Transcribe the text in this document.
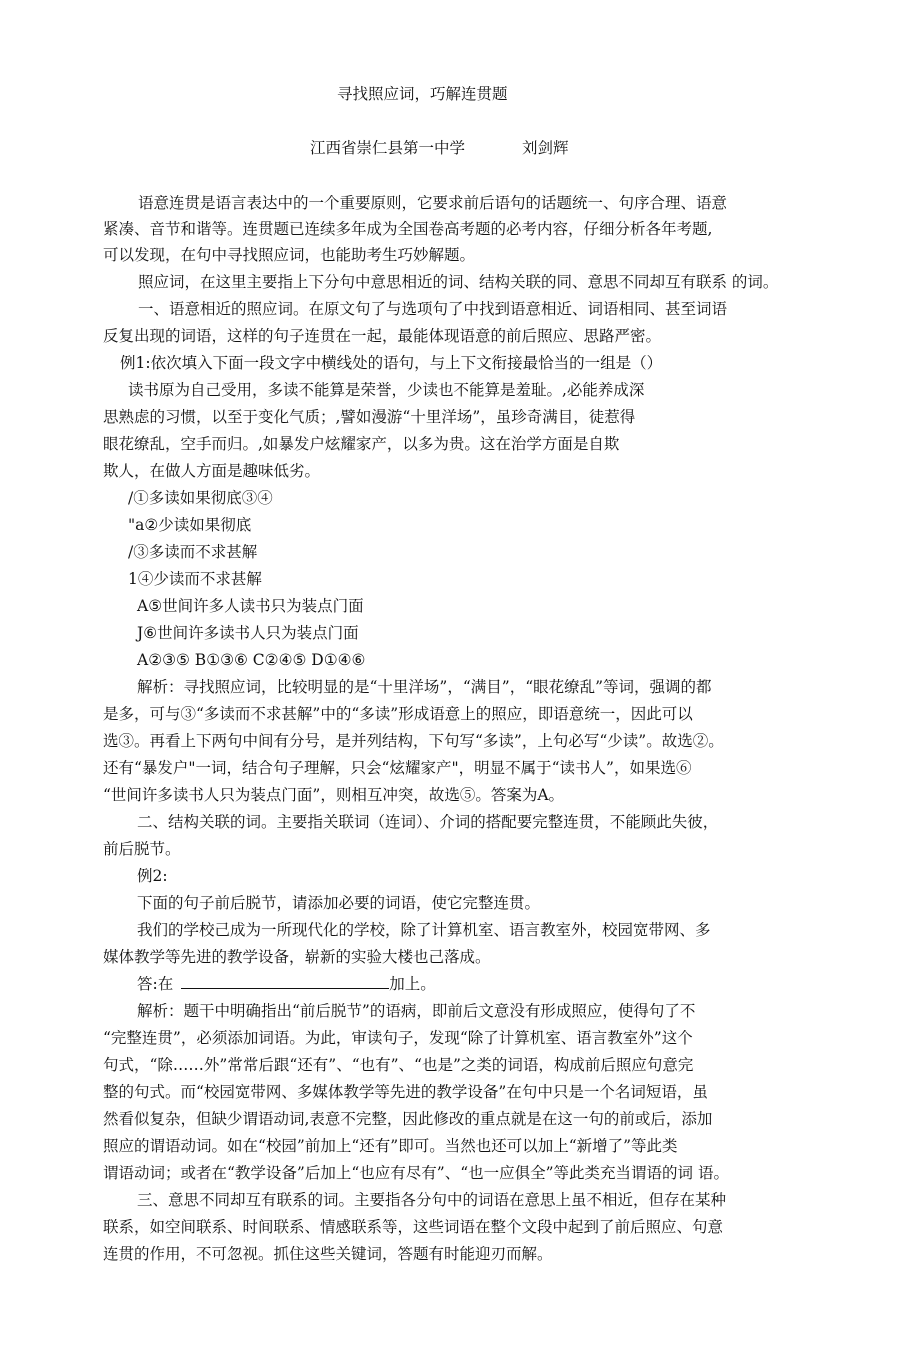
寻找照应词，巧解连贯题
江西省崇仁县第一中学	刘剑辉
语意连贯是语言表达中的一个重要原则，它要求前后语句的话题统一、句序合理、语意
紧凑、音节和谐等。连贯题已连续多年成为全国卷高考题的必考内容，仔细分析各年考题,
可以发现，在句中寻找照应词，也能助考生巧妙解题。
照应词，在这里主要指上下分句中意思相近的词、结构关联的同、意思不同却互有联系 的词。
一、语意相近的照应词。在原文句了与选项句了中找到语意相近、词语相同、甚至词语
反复出现的词语，这样的句子连贯在一起，最能体现语意的前后照应、思路严密。
例1:依次填入下面一段文字中横线处的语句，与上下文衔接最恰当的一组是（）
读书原为自己受用，多读不能算是荣誉，少读也不能算是羞耻。,必能养成深
思熟虑的习惯，以至于变化气质；,譬如漫游“十里洋场”，虽珍奇满目，徒惹得
眼花缭乱，空手而归。,如暴发户炫耀家产，以多为贵。这在治学方面是自欺
欺人，在做人方面是趣味低劣。
/①多读如果彻底③④
"a②少读如果彻底
/③多读而不求甚解
1④少读而不求甚解
A⑤世间许多人读书只为装点门面
J⑥世间许多读书人只为装点门面
A②③⑤ B①③⑥ C②④⑤ D①④⑥
解析：寻找照应词，比较明显的是“十里洋场”，“满目”，“眼花缭乱”等词，强调的都
是多，可与③“多读而不求甚解”中的“多读”形成语意上的照应，即语意统一，因此可以
选③。再看上下两句中间有分号，是并列结构，下句写“多读”，上句必写“少读”。故选②。
还有“暴发户"一词，结合句子理解，只会“炫耀家产"，明显不属于“读书人”，如果选⑥
“世间许多读书人只为装点门面”，则相互冲突，故选⑤。答案为A。
二、结构关联的词。主要指关联词（连词）、介词的搭配要完整连贯，不能顾此失彼，
前后脱节。
例2:
下面的句子前后脱节，请添加必要的词语，使它完整连贯。
我们的学校己成为一所现代化的学校，除了计算机室、语言教室外，校园宽带网、多
媒体教学等先进的教学设备，崭新的实验大楼也己落成。
答:在	加上。
解析：题干中明确指出“前后脱节”的语病，即前后文意没有形成照应，使得句了不
“完整连贯”，必须添加词语。为此，审读句子，发现“除了计算机室、语言教室外”这个
句式，“除……外”常常后跟“还有”、“也有”、“也是”之类的词语，构成前后照应句意完
整的句式。而“校园宽带网、多媒体教学等先进的教学设备”在句中只是一个名词短语，虽
然看似复杂，但缺少谓语动词,表意不完整，因此修改的重点就是在这一句的前或后，添加
照应的谓语动词。如在“校园”前加上“还有”即可。当然也还可以加上“新增了”等此类
谓语动词；或者在“教学设备”后加上“也应有尽有”、“也一应俱全”等此类充当谓语的词 语。
三、意思不同却互有联系的词。主要指各分句中的词语在意思上虽不相近，但存在某种
联系，如空间联系、时间联系、情感联系等，这些词语在整个文段中起到了前后照应、句意
连贯的作用，不可忽视。抓住这些关键词，答题有时能迎刃而解。
